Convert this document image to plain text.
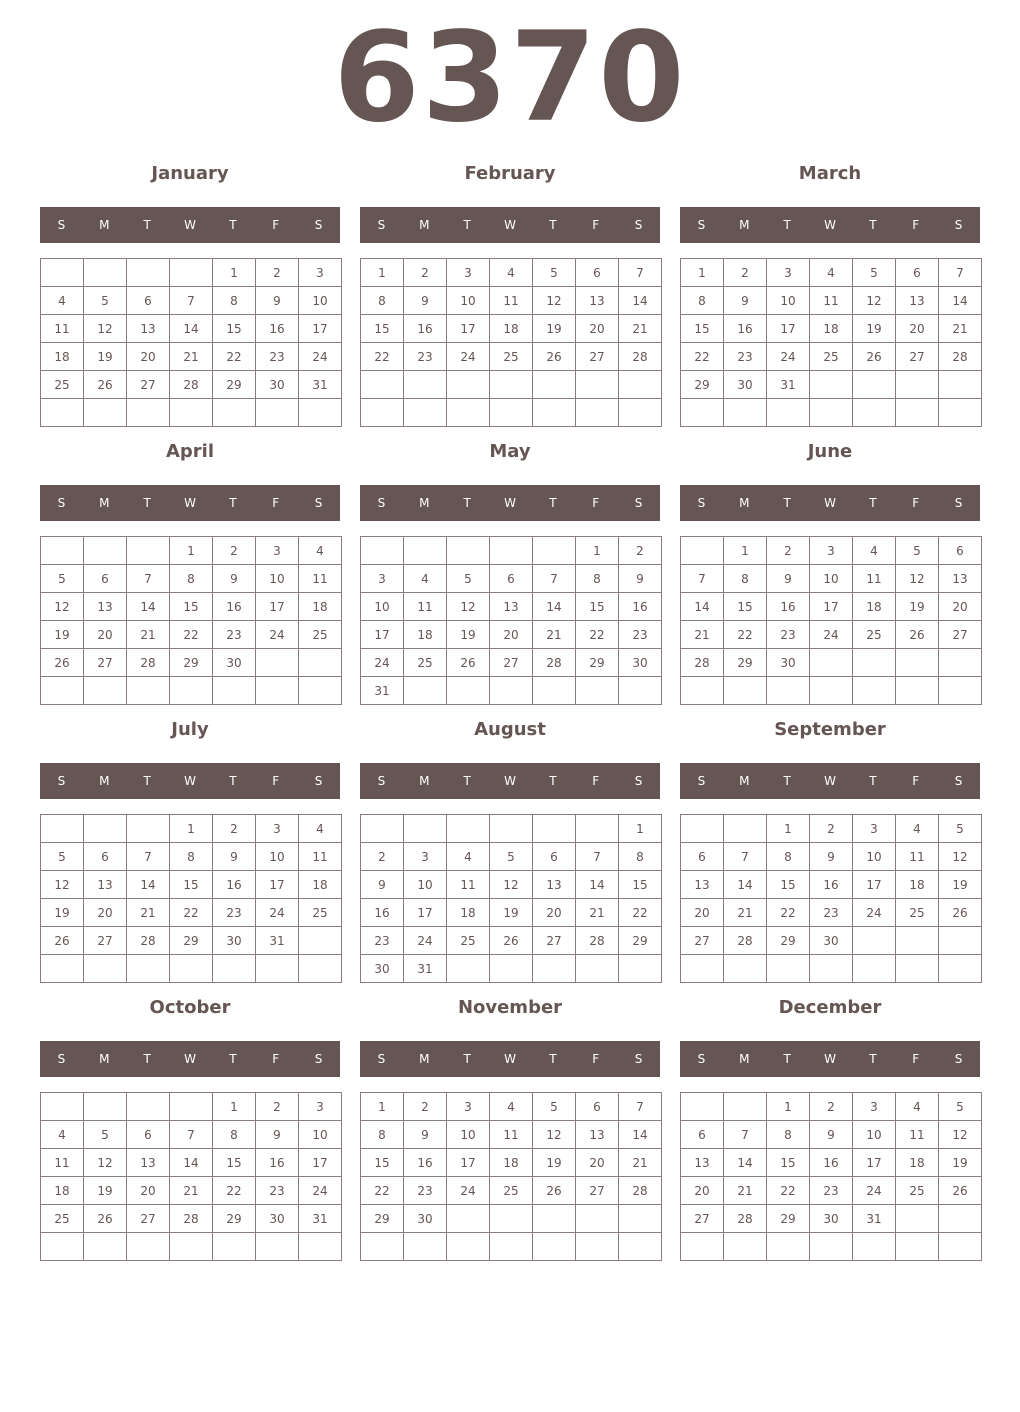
6370
January
S	M	T	W	T	F	S
				1	2	3
4	5	6	7	8	9	10
11	12	13	14	15	16	17
18	19	20	21	22	23	24
25	26	27	28	29	30	31

February
S	M	T	W	T	F	S
1	2	3	4	5	6	7
8	9	10	11	12	13	14
15	16	17	18	19	20	21
22	23	24	25	26	27	28

March
S	M	T	W	T	F	S
1	2	3	4	5	6	7
8	9	10	11	12	13	14
15	16	17	18	19	20	21
22	23	24	25	26	27	28
29	30	31				

April
S	M	T	W	T	F	S
			1	2	3	4
5	6	7	8	9	10	11
12	13	14	15	16	17	18
19	20	21	22	23	24	25
26	27	28	29	30		

May
S	M	T	W	T	F	S
					1	2
3	4	5	6	7	8	9
10	11	12	13	14	15	16
17	18	19	20	21	22	23
24	25	26	27	28	29	30
31						
June
S	M	T	W	T	F	S
	1	2	3	4	5	6
7	8	9	10	11	12	13
14	15	16	17	18	19	20
21	22	23	24	25	26	27
28	29	30				

July
S	M	T	W	T	F	S
			1	2	3	4
5	6	7	8	9	10	11
12	13	14	15	16	17	18
19	20	21	22	23	24	25
26	27	28	29	30	31	

August
S	M	T	W	T	F	S
						1
2	3	4	5	6	7	8
9	10	11	12	13	14	15
16	17	18	19	20	21	22
23	24	25	26	27	28	29
30	31					
September
S	M	T	W	T	F	S
		1	2	3	4	5
6	7	8	9	10	11	12
13	14	15	16	17	18	19
20	21	22	23	24	25	26
27	28	29	30			

October
S	M	T	W	T	F	S
				1	2	3
4	5	6	7	8	9	10
11	12	13	14	15	16	17
18	19	20	21	22	23	24
25	26	27	28	29	30	31

November
S	M	T	W	T	F	S
1	2	3	4	5	6	7
8	9	10	11	12	13	14
15	16	17	18	19	20	21
22	23	24	25	26	27	28
29	30					

December
S	M	T	W	T	F	S
		1	2	3	4	5
6	7	8	9	10	11	12
13	14	15	16	17	18	19
20	21	22	23	24	25	26
27	28	29	30	31		
